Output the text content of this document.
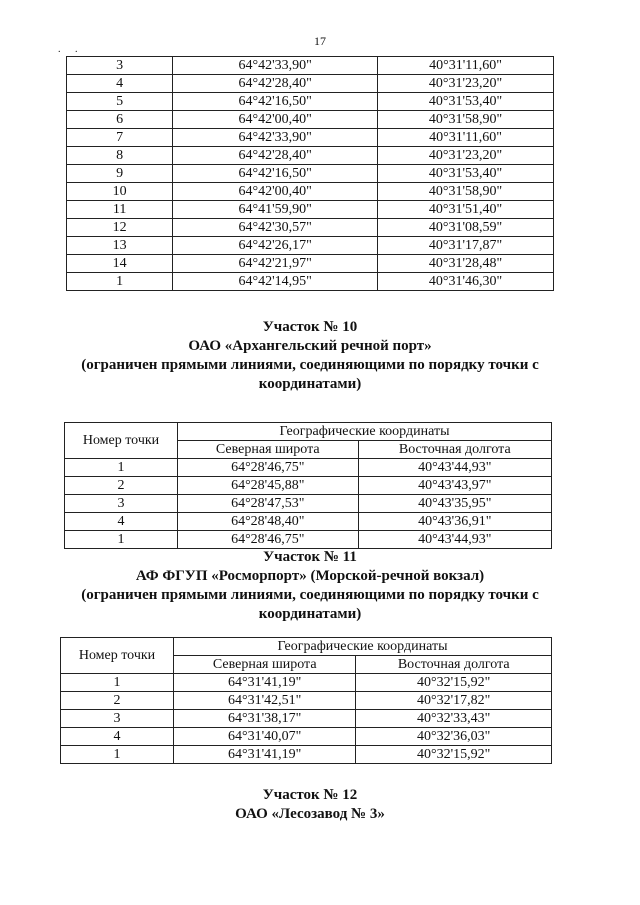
17
. .
3	64°42'33,90"	40°31'11,60"
4	64°42'28,40"	40°31'23,20"
5	64°42'16,50"	40°31'53,40"
6	64°42'00,40"	40°31'58,90"
7	64°42'33,90"	40°31'11,60"
8	64°42'28,40"	40°31'23,20"
9	64°42'16,50"	40°31'53,40"
10	64°42'00,40"	40°31'58,90"
11	64°41'59,90"	40°31'51,40"
12	64°42'30,57"	40°31'08,59"
13	64°42'26,17"	40°31'17,87"
14	64°42'21,97"	40°31'28,48"
1	64°42'14,95"	40°31'46,30"
Участок № 10
ОАО «Архангельский речной порт»
(ограничен прямыми линиями, соединяющими по порядку точки с
координатами)
Номер точки	Географические координаты	
	Северная широта	Восточная долгота
1	64°28'46,75"	40°43'44,93"
2	64°28'45,88"	40°43'43,97"
3	64°28'47,53"	40°43'35,95"
4	64°28'48,40"	40°43'36,91"
1	64°28'46,75"	40°43'44,93"
Участок № 11
АФ ФГУП «Росморпорт» (Морской-речной вокзал)
(ограничен прямыми линиями, соединяющими по порядку точки с
координатами)
Номер точки	Географические координаты	
	Северная широта	Восточная долгота
1	64°31'41,19"	40°32'15,92"
2	64°31'42,51"	40°32'17,82"
3	64°31'38,17"	40°32'33,43"
4	64°31'40,07"	40°32'36,03"
1	64°31'41,19"	40°32'15,92"
Участок № 12
ОАО «Лесозавод № 3»
